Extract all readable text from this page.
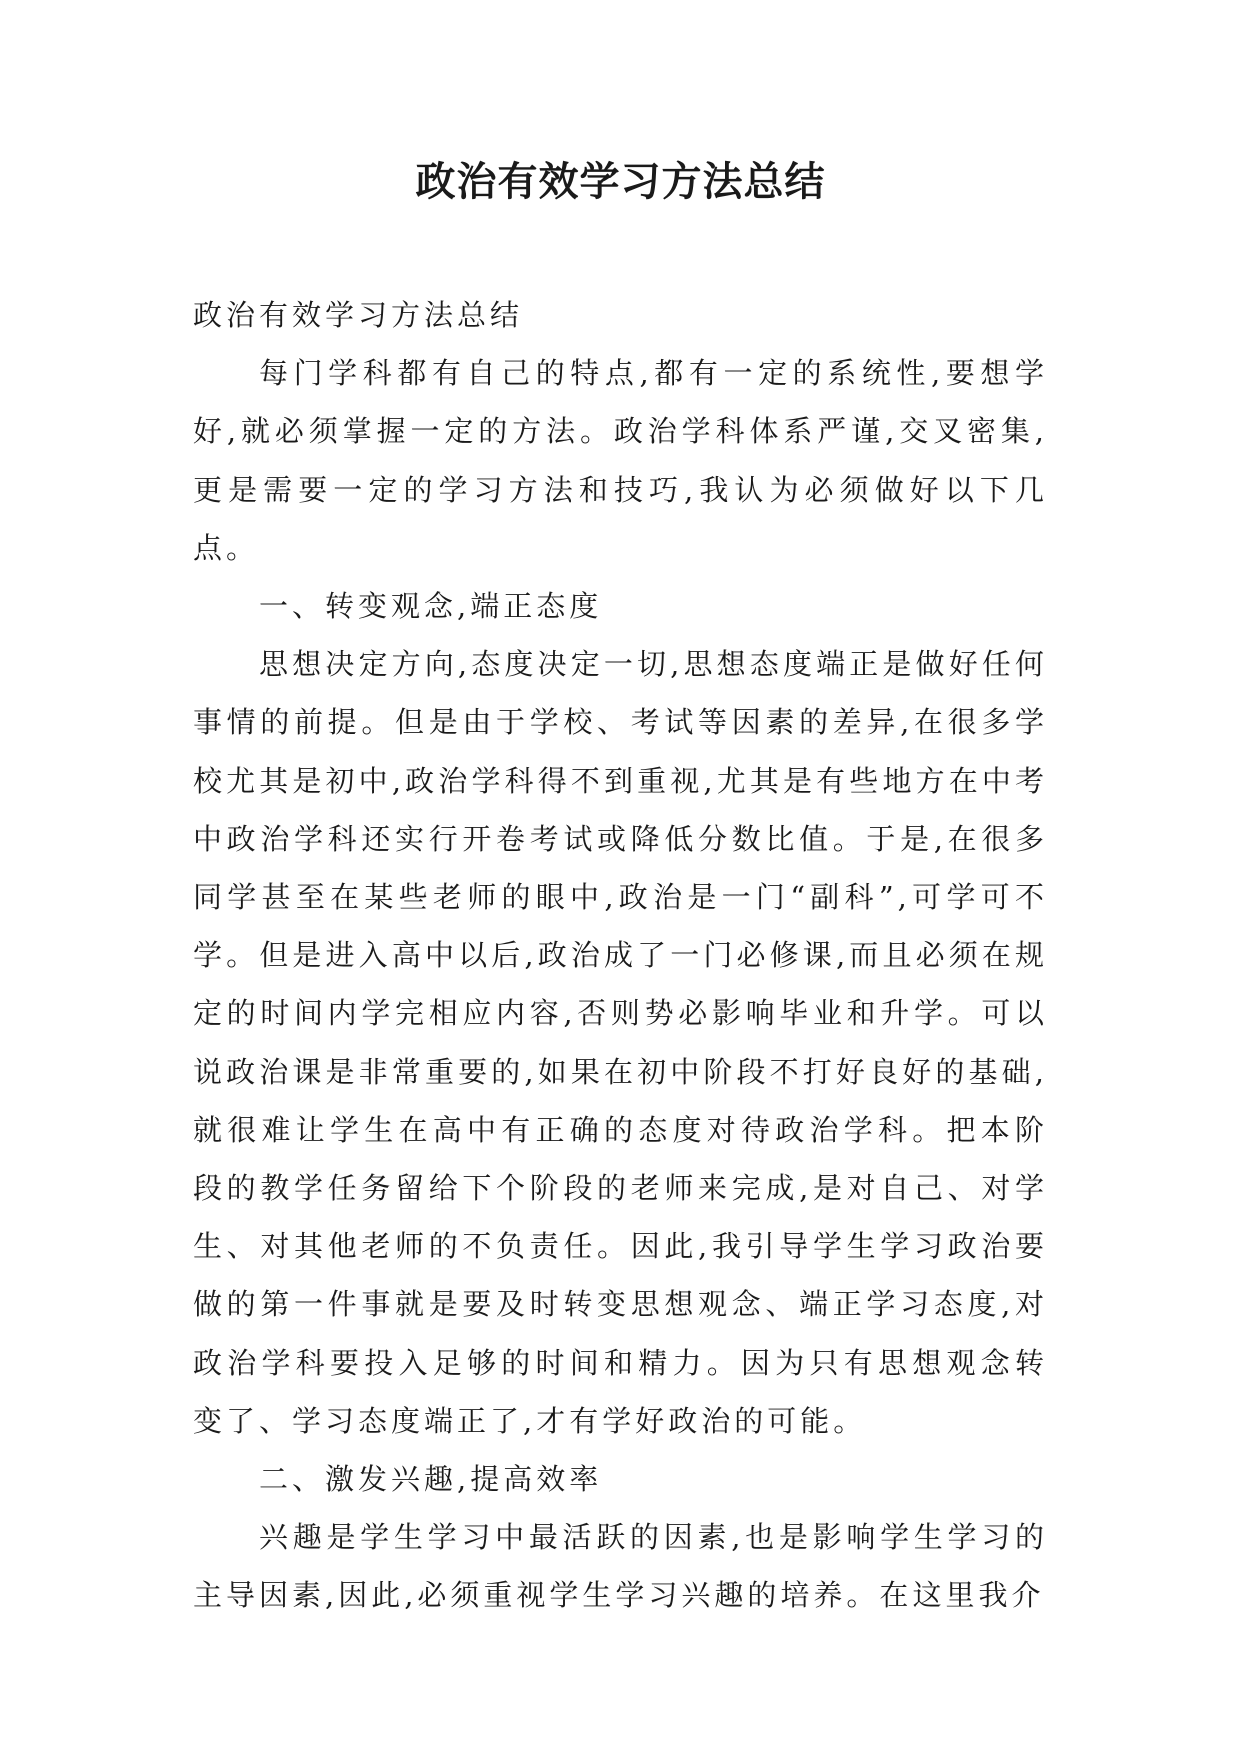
政治有效学习方法总结

政治有效学习方法总结

每门学科都有自己的特点,都有一定的系统性,要想学好,就必须掌握一定的方法。政治学科体系严谨,交叉密集,更是需要一定的学习方法和技巧,我认为必须做好以下几点。

一、转变观念,端正态度

思想决定方向,态度决定一切,思想态度端正是做好任何事情的前提。但是由于学校、考试等因素的差异,在很多学校尤其是初中,政治学科得不到重视,尤其是有些地方在中考中政治学科还实行开卷考试或降低分数比值。于是,在很多同学甚至在某些老师的眼中,政治是一门“副科”,可学可不学。但是进入高中以后,政治成了一门必修课,而且必须在规定的时间内学完相应内容,否则势必影响毕业和升学。可以说政治课是非常重要的,如果在初中阶段不打好良好的基础,就很难让学生在高中有正确的态度对待政治学科。把本阶段的教学任务留给下个阶段的老师来完成,是对自己、对学生、对其他老师的不负责任。因此,我引导学生学习政治要做的第一件事就是要及时转变思想观念、端正学习态度,对政治学科要投入足够的时间和精力。因为只有思想观念转变了、学习态度端正了,才有学好政治的可能。

二、激发兴趣,提高效率

兴趣是学生学习中最活跃的因素,也是影响学生学习的主导因素,因此,必须重视学生学习兴趣的培养。在这里我介
